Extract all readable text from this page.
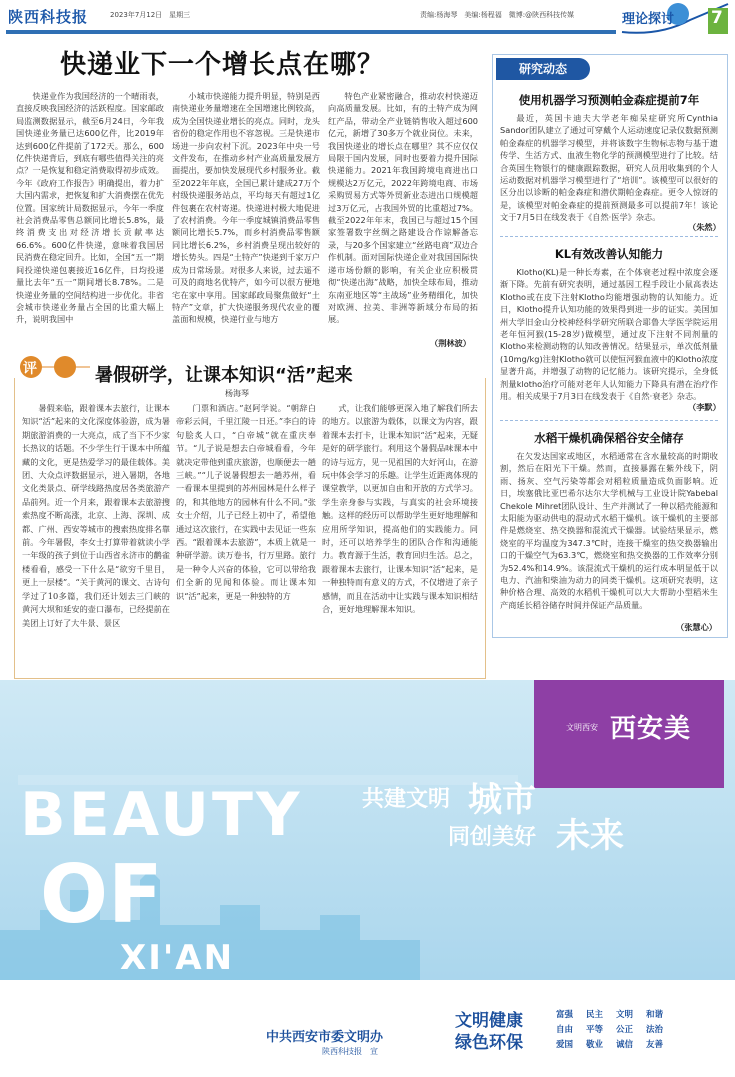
陕西科技报	2023年7月12日　星期三	责编:杨海琴　美编:杨程福　微博:@陕西科技传媒	理论探讨 7
快递业下一个增长点在哪？

快递业作为我国经济的一个晴雨表，直接反映我国经济的活跃程度。国家邮政局监测数据显示，截至6月24日，今年我国快递业务量已达600亿件，比2019年达到600亿件提前了172天。那么，600亿件快递背后，到底有哪些值得关注的亮点？一是恢复和稳定消费取得初步成效。今年《政府工作报告》明确提出，着力扩大国内需求，把恢复和扩大消费摆在优先位置。国家统计局数据显示，今年一季度社会消费品零售总额同比增长5.8%，最终消费支出对经济增长贡献率达66.6%。600亿件快递，意味着我国居民消费在稳定回升。比如，全国“五一”期间投递快递包裹接近16亿件，日均投递量比去年“五一”期间增长8.78%。二是快递业务量的空间结构进一步优化。非省会城市快递业务量占全国的比重大幅上升，说明我国中

小城市快递能力提升明显，特别是西南快递业务量增速在全国增速比例较高，成为全国快递业增长的亮点。同时，龙头省份的稳定作用也不容忽视。三是快递市场进一步向农村下沉。2023年中央一号文件发布，在推动乡村产业高质量发展方面提出，要加快发展现代乡村服务业。截至2022年年底，全国已累计建成27万个村级快递服务站点，平均每天有超过1亿件包裹在农村寄递。快递进村极大地促进了农村消费。今年一季度城镇消费品零售额同比增长5.7%，而乡村消费品零售额同比增长6.2%，乡村消费呈现出较好的增长势头。四是“土特产”快递到千家万户成为日常场景。对很多人来说，过去遥不可及的商地名优特产，如今可以很方便地宅在家中享用。国家邮政局聚焦做好“土特产”文章，扩大快递服务现代农业的覆盖面和规模，快递行业与地方

特色产业紧密融合，推动农村快递迈向高质量发展。比如，有的土特产成为网红产品，带动全产业链销售收入超过600亿元，新增了30多万个就业岗位。未来，我国快递业的增长点在哪里？其不应仅仅局限于国内发展，同时也要着力提升国际快递能力。2021年我国跨境电商进出口规模达2万亿元，2022年跨境电商、市场采购贸易方式等外贸新业态进出口规模超过3万亿元，占我国外贸的比重超过7%。截至2022年年末，我国已与超过15个国家签署数字丝绸之路建设合作谅解备忘录，与20多个国家建立“丝路电商”双边合作机制。面对国际快递企业对我国国际快递市场份额的影响，有关企业应积极贯彻“快递出海”战略，加快全球布局，推动东南亚地区等“主战场”业务精细化，加快对欧洲、拉美、非洲等新域分布局的拓展。

（荆林波）
研究动态
使用机器学习预测帕金森症提前7年

最近，英国卡迪夫大学老年痴呆症研究所Cynthia Sandor团队建立了通过可穿戴个人运动速度记录仪数据预测帕金森症的机器学习模型，并将该数字生物标志物与基于遗传学、生活方式、血液生物化学的预测模型进行了比较。结合英国生物银行的健康跟踪数据，研究人员用收集到的个人运动数据对机器学习模型进行了“培训”。该模型可以很好的区分出以诊断的帕金森症和潜伏期帕金森症。更令人惊讶的是，该模型对帕金森症的提前预测最多可以提前7年！该论文于7月5日在线发表于《自然·医学》杂志。

（朱然）
KL有效改善认知能力

Klotho(KL)是一种长寿素，在个体衰老过程中浓度会逐渐下降。先前有研究表明，通过基因工程手段让小鼠高表达Klotho或在皮下注射Klotho均能增强动物的认知能力。近日，Klotho提升认知功能的效果得到进一步的证实。美国加州大学旧金山分校神经科学研究所联合耶鲁大学医学院运用老年恒河猴(15-28岁)做模型，通过皮下注射不同剂量的Klotho来检测动物的认知改善情况。结果显示，单次低剂量(10mg/kg)注射Klotho就可以使恒河猴血液中的Klotho浓度显著升高，并增强了动物的记忆能力。该研究提示，全身低剂量klotho治疗可能对老年人认知能力下降具有潜在治疗作用。相关成果于7月3日在线发表于《自然·衰老》杂志。

（李默）
水稻干燥机确保稻谷安全储存

在欠发达国家或地区，水稻通常在含水量较高的时期收割，然后在阳光下干燥。然而，直接暴露在紫外线下，阴雨、扬灰、空气污染等都会对稻粒质量造成负面影响。近日，埃塞俄比亚巴希尔达尔大学机械与工业设计院Yabebal Chekole Mihret团队设计、生产并测试了一种以稻壳能源和太阳能为驱动供电的混动式水稻干燥机。该干燥机的主要部件是燃烧室、热交换器和混流式干燥器。试验结果显示，燃烧室的平均温度为347.3℃时，连接干燥室的热交换器输出口的干燥空气为63.3℃，燃烧室和热交换器的工作效率分别为52.4%和14.9%。该混流式干燥机的运行成本明显低于以电力、汽油和柴油为动力的同类干燥机。这项研究表明，这种价格合理、高效的水稻机干燥机可以大大帮助小型稻米生产商延长稻谷储存时间并保证产品质量。

（张慧心）
评论
暑假研学，让课本知识“活”起来
杨海琴

暑假来临，跟着课本去旅行，让课本知识“活”起来的文化深度体验游，成为暑期旅游消费的一大亮点，成了当下不少家长热议的话题。不少学生行于课本中所蕴藏的文化，更是热爱学习的最佳载体。美团、大众点评数据显示，进入暑期，各地文化类景点、研学线路热度居各类旅游产品前列。近一个月来，跟着课本去旅游搜索热度不断高涨，北京、上海、深圳、成都、广州、西安等城市的搜索热度排名靠前。今年暑假，李女士打算带着就读小学一年级的孩子到位于山西省永济市的鹳雀楼看看，感受一下什么是“欲穷千里目，更上一层楼”。“关于黄河的课文、古诗句学过了10多篇，我们还计划去三门峡的黄河大坝和延安的壶口瀑布，已经提前在美团上订好了大牛景、景区

门票和酒店。”赵阿学说。“朝辞白帝彩云间，千里江陵一日还。”李白的诗句脍炙人口，“白帝城”就在重庆奉节。“儿子说是想去白帝城看看，今年就决定带他到重庆旅游，也顺便去一趟三峡。”“儿子说暑假想去一趟苏州，看一看课本里提到的苏州园林是什么样子的，和其他地方的园林有什么不同。”张女士介绍，儿子已经上初中了，希望他通过这次旅行，在实践中去见证一些东西。“跟着课本去旅游”，本质上就是一种研学游。读万卷书，行万里路。旅行是一种令人兴奋的体验，它可以带给我们全新的见闻和体验。而让课本知识“活”起来，更是一种独特的方

式，让我们能够更深入地了解我们所去的地方。以旅游为载体，以课文为内容，跟着课本去打卡，让课本知识“活”起来，无疑是好的研学旅行。利用这个暑假品味课本中的诗与远方，见一见祖国的大好河山，在游玩中体会学习的乐趣。让学生近距离体现的课堂教学，以更加自由和开放的方式学习。学生亲身参与实践，与真实的社会环境接触。这样的经历可以帮助学生更好地理解和应用所学知识，提高他们的实践能力。同时，还可以培养学生的团队合作和沟通能力。教育源于生活，教育回归生活。总之，跟着课本去旅行，让课本知识“活”起来，是一种独特而有意义的方式，不仅增进了亲子感情，而且在活动中让实践与课本知识相结合，更好地理解课本知识。

文明西安 西安美
BEAUTY
OF
XI'AN
共建文明 城市
同创美好 未来
文明健康
绿色环保
富强 民主 文明 和谐
自由 平等 公正 法治
爱国 敬业 诚信 友善
中共西安市委文明办
陕西科技报　宣
